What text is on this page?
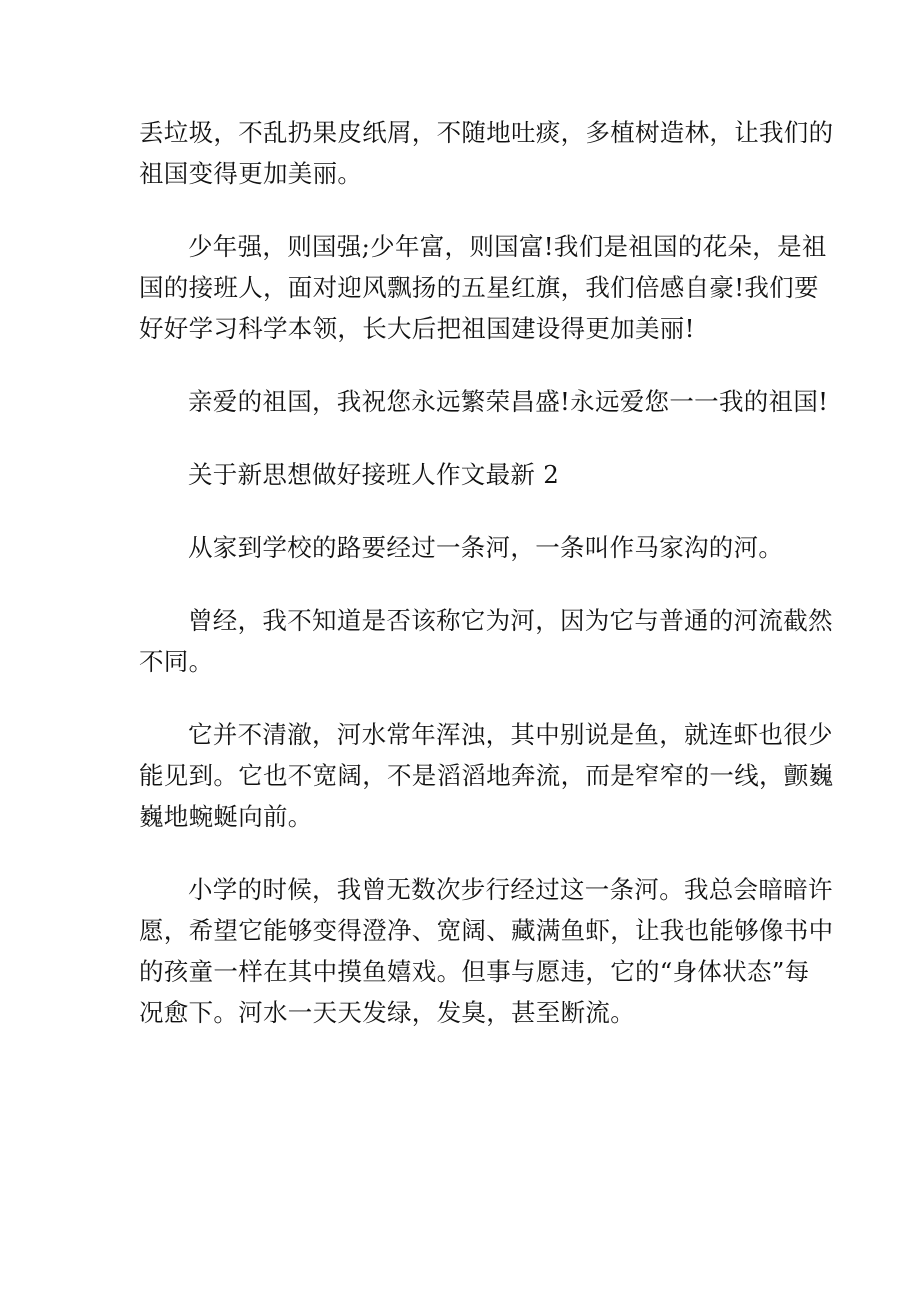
丢垃圾，不乱扔果皮纸屑，不随地吐痰，多植树造林，让我们的
祖国变得更加美丽。
少年强，则国强;少年富，则国富!我们是祖国的花朵，是祖
国的接班人，面对迎风飘扬的五星红旗，我们倍感自豪!我们要
好好学习科学本领，长大后把祖国建设得更加美丽!
亲爱的祖国，我祝您永远繁荣昌盛!永远爱您一一我的祖国!
关于新思想做好接班人作文最新 2
从家到学校的路要经过一条河，一条叫作马家沟的河。
曾经，我不知道是否该称它为河，因为它与普通的河流截然
不同。
它并不清澈，河水常年浑浊，其中别说是鱼，就连虾也很少
能见到。它也不宽阔，不是滔滔地奔流，而是窄窄的一线，颤巍
巍地蜿蜒向前。
小学的时候，我曾无数次步行经过这一条河。我总会暗暗许
愿，希望它能够变得澄净、宽阔、藏满鱼虾，让我也能够像书中
的孩童一样在其中摸鱼嬉戏。但事与愿违，它的“身体状态”每
况愈下。河水一天天发绿，发臭，甚至断流。
